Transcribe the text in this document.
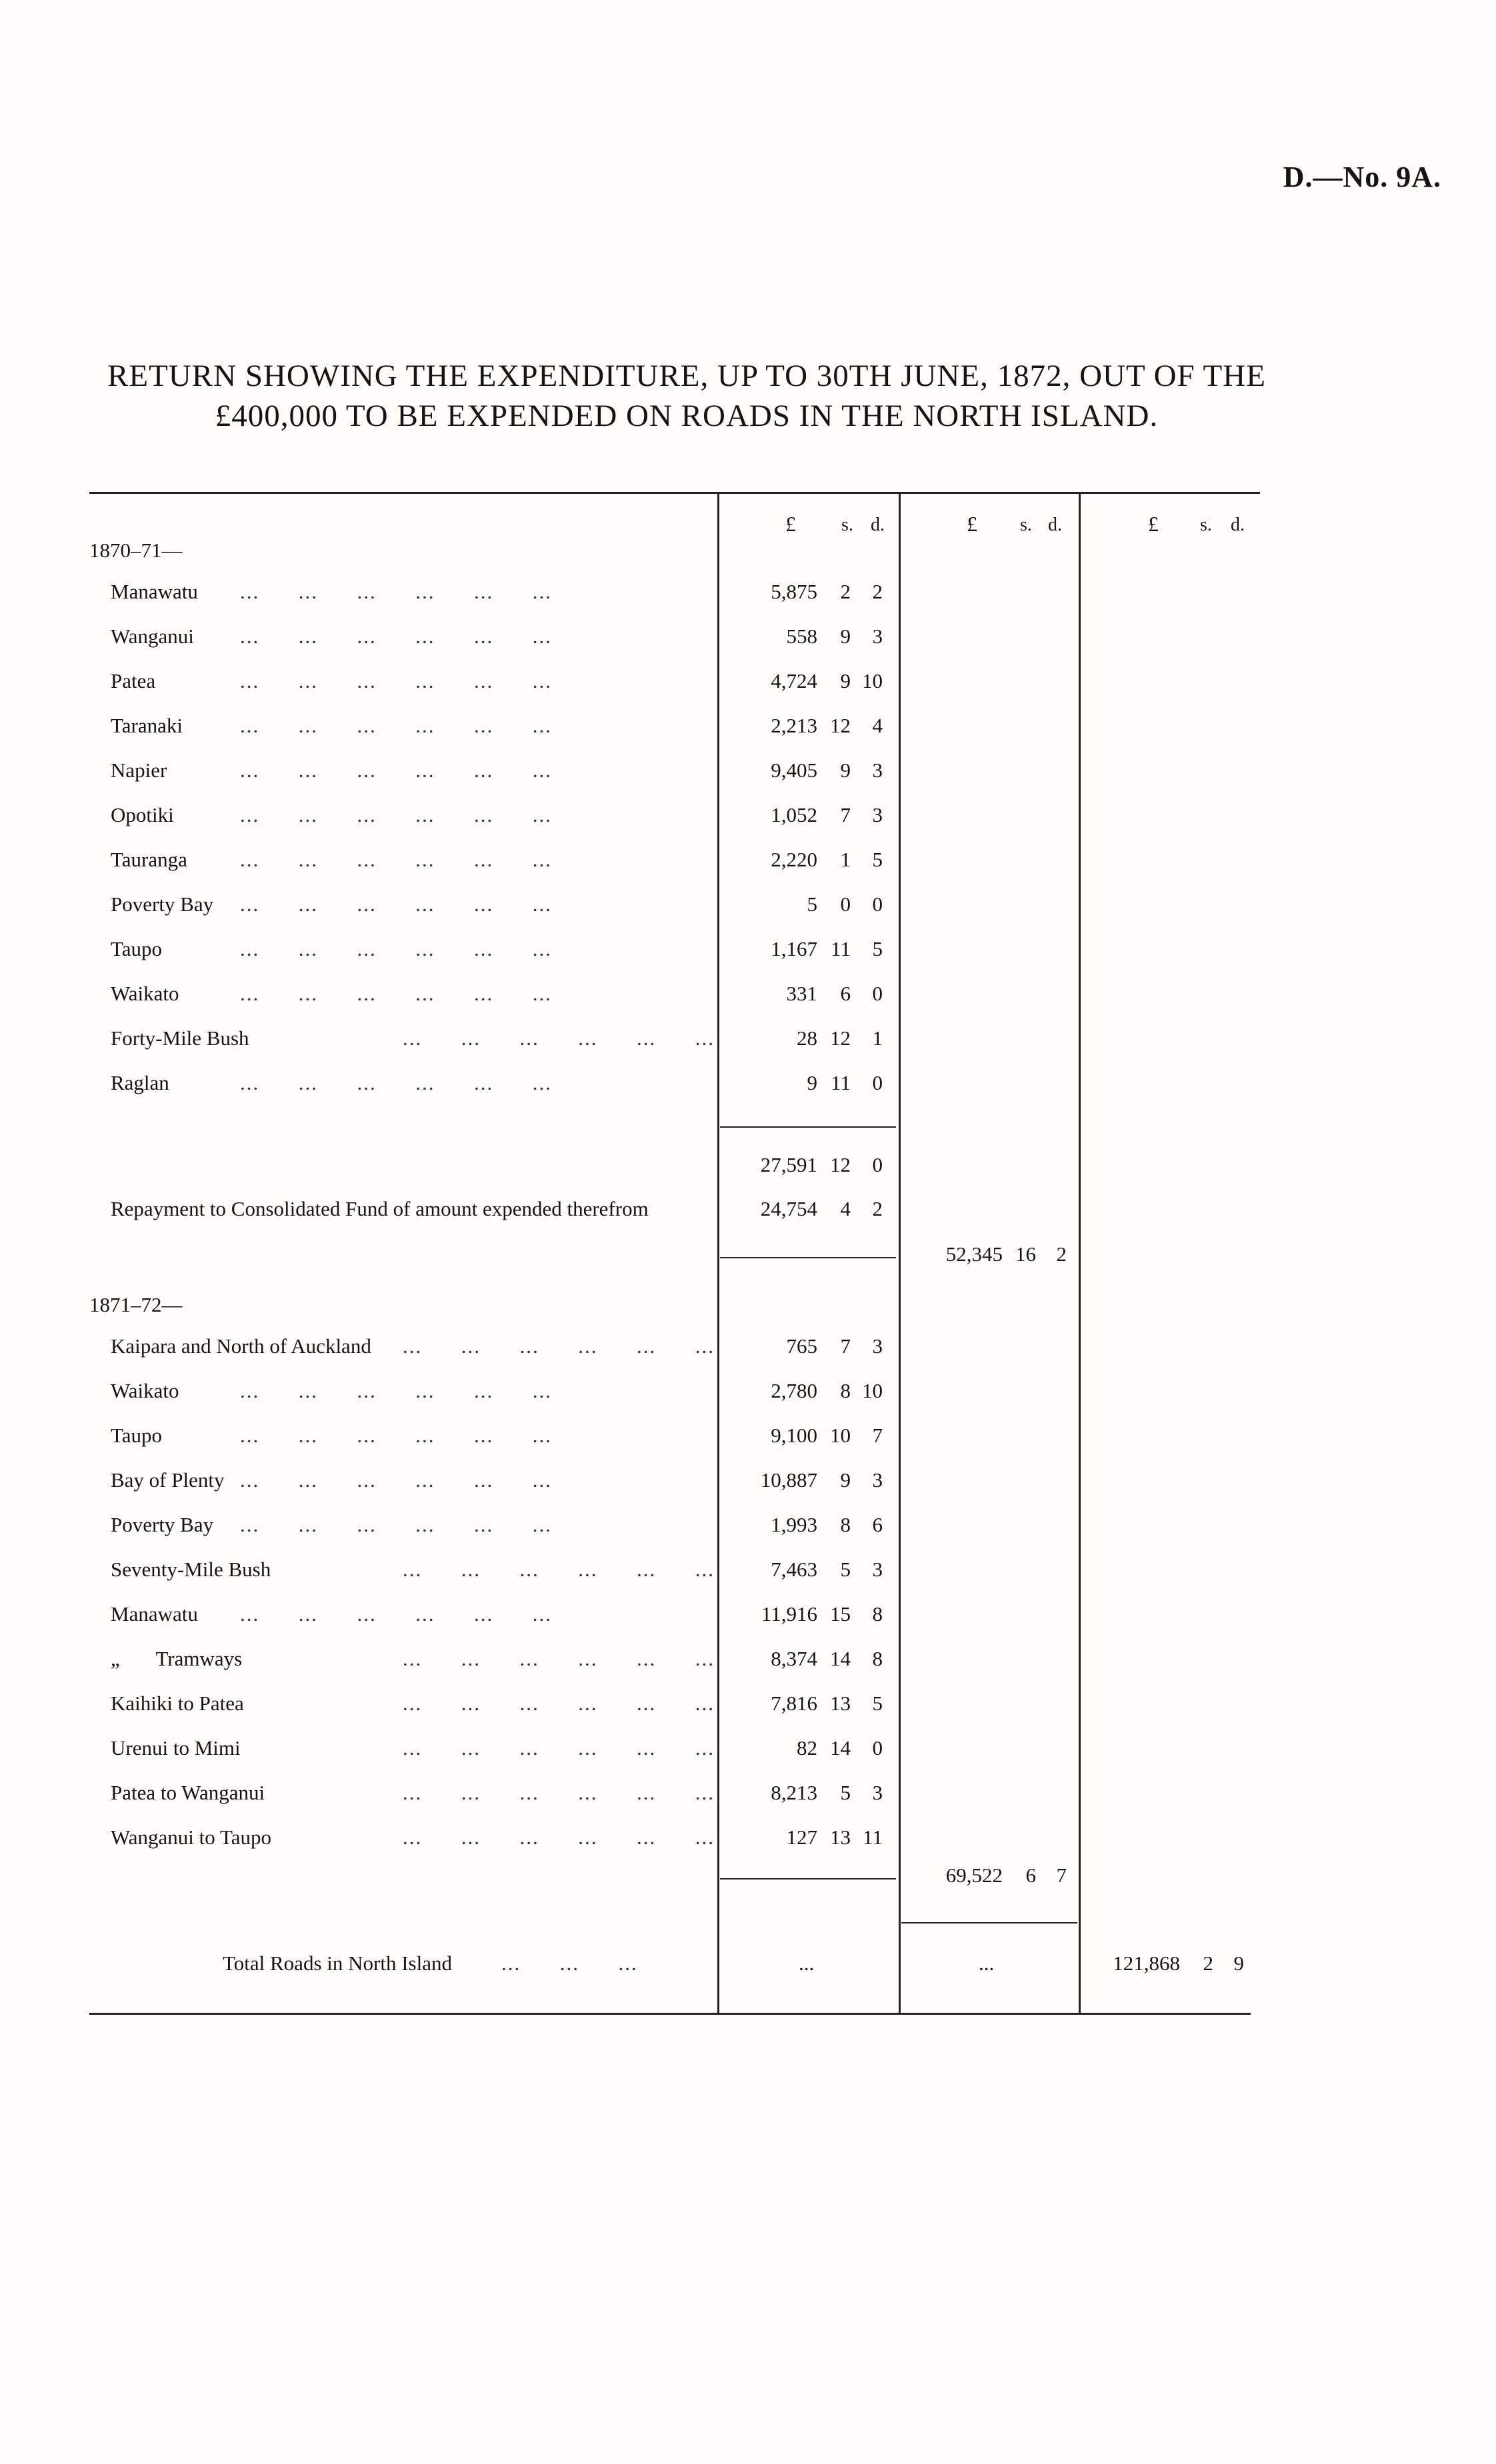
D.—No. 9A.
RETURN SHOWING THE EXPENDITURE, UP TO 30TH JUNE, 1872, OUT OF THE
£400,000 TO BE EXPENDED ON ROADS IN THE NORTH ISLAND.
£ s. d.	£ s. d.	£ s. d.
1870–71—
Manawatu ...      ...      ...      ...      ...      ...	5,875	2	2
Wanganui ...      ...      ...      ...      ...      ...	558	9	3
Patea	...      ...      ...      ...      ...      ...	4,724	9 10
Taranaki	...      ...      ...      ...      ...      ...	2,213 12	4
Napier	...      ...      ...      ...      ...      ...	9,405	9	3
Opotiki	...      ...      ...      ...      ...      ...	1,052	7	3
Tauranga	...      ...      ...      ...      ...      ...	2,220	1	5
Poverty Bay ...      ...      ...      ...      ...      ...	5	0	0
Taupo	...      ...      ...      ...      ...      ...	1,167 11	5
Waikato	...      ...      ...      ...      ...      ...	331	6	0
Forty-Mile Bush	...      ...      ...      ...      ...      ...	28 12	1
Raglan	...      ...      ...      ...      ...      ...	9 11	0
27,591 12	0
Repayment to Consolidated Fund of amount expended therefrom	24,754	4	2
52,345 16 2
1871–72—
Kaipara and North of Auckland	...      ...      ...      ...      ...      ...	765	7	3
Waikato	...      ...      ...      ...      ...      ...	2,780	8 10
Taupo	...      ...      ...      ...      ...      ...	9,100 10	7
Bay of Plenty ...      ...      ...      ...      ...      ...	10,887	9	3
Poverty Bay ...      ...      ...      ...      ...      ...	1,993	8	6
Seventy-Mile Bush	...      ...      ...      ...      ...      ...	7,463	5	3
Manawatu ...      ...      ...      ...      ...      ...	11,916 15	8
„       Tramways	...      ...      ...      ...      ...      ...	8,374 14	8
Kaihiki to Patea	...      ...      ...      ...      ...      ...	7,816 13	5
Urenui to Mimi	...      ...      ...      ...      ...      ...	82 14	0
Patea to Wanganui	...      ...      ...      ...      ...      ...	8,213	5	3
Wanganui to Taupo	...      ...      ...      ...      ...      ...	127 13 11
69,522	6 7
Total Roads in North Island ...      ...      ...	...	...	121,868	2 9
